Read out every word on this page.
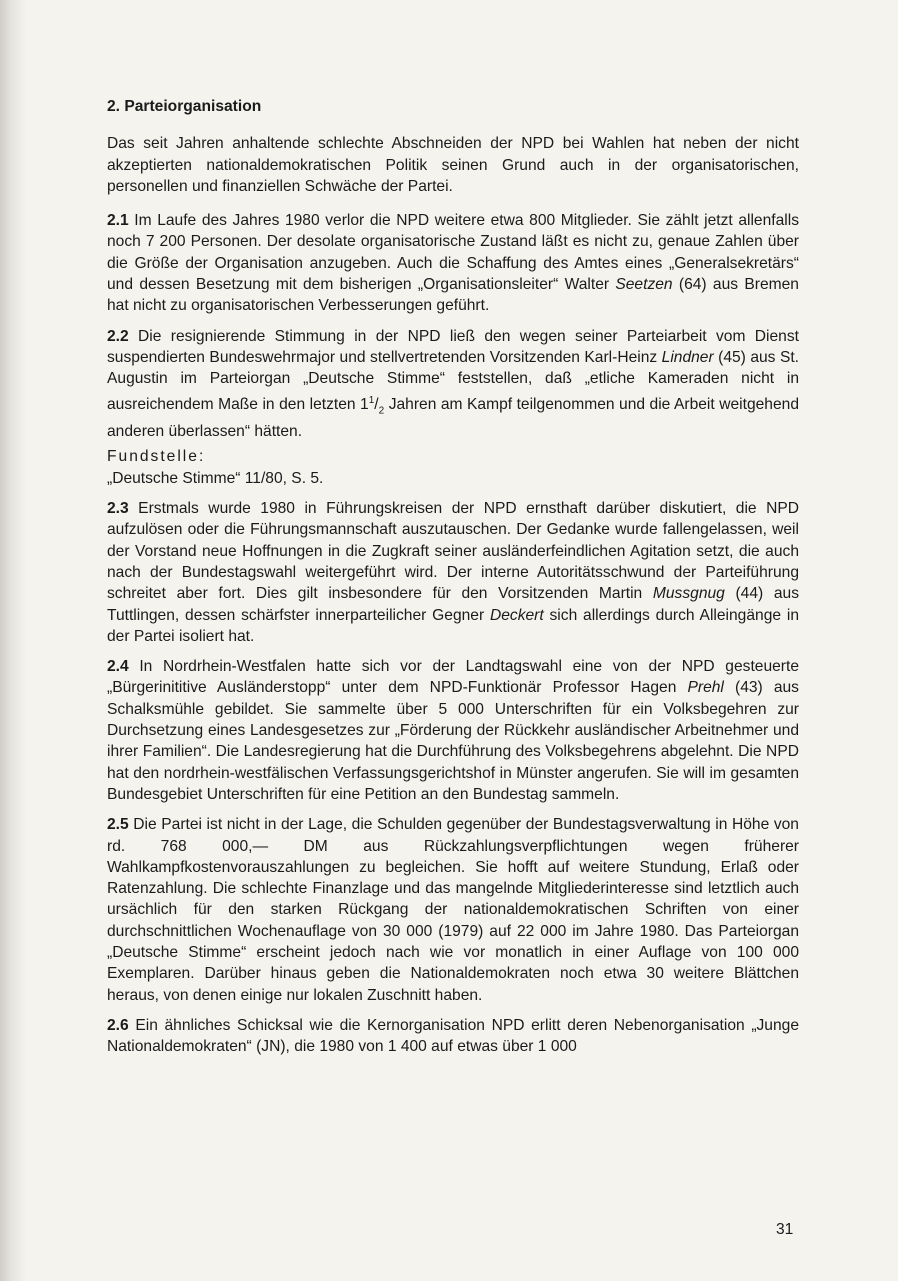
2. Parteiorganisation

Das seit Jahren anhaltende schlechte Abschneiden der NPD bei Wahlen hat neben der nicht akzeptierten nationaldemokratischen Politik seinen Grund auch in der organisatorischen, personellen und finanziellen Schwäche der Partei.

2.1 Im Laufe des Jahres 1980 verlor die NPD weitere etwa 800 Mitglieder. Sie zählt jetzt allenfalls noch 7 200 Personen. Der desolate organisatorische Zustand läßt es nicht zu, genaue Zahlen über die Größe der Organisation anzugeben. Auch die Schaffung des Amtes eines „Generalsekretärs“ und dessen Besetzung mit dem bisherigen „Organisationsleiter“ Walter Seetzen (64) aus Bremen hat nicht zu organisatorischen Verbesserungen geführt.

2.2 Die resignierende Stimmung in der NPD ließ den wegen seiner Parteiarbeit vom Dienst suspendierten Bundeswehrmajor und stellvertretenden Vorsitzenden Karl-Heinz Lindner (45) aus St. Augustin im Parteiorgan „Deutsche Stimme“ feststellen, daß „etliche Kameraden nicht in ausreichendem Maße in den letzten $1^1/_2$ Jahren am Kampf teilgenommen und die Arbeit weitgehend anderen überlassen“ hätten.

Fundstelle:

„Deutsche Stimme“ 11/80, S. 5.

2.3 Erstmals wurde 1980 in Führungskreisen der NPD ernsthaft darüber diskutiert, die NPD aufzulösen oder die Führungsmannschaft auszutauschen. Der Gedanke wurde fallengelassen, weil der Vorstand neue Hoffnungen in die Zugkraft seiner ausländerfeindlichen Agitation setzt, die auch nach der Bundestagswahl weitergeführt wird. Der interne Autoritätsschwund der Parteiführung schreitet aber fort. Dies gilt insbesondere für den Vorsitzenden Martin Mussgnug (44) aus Tuttlingen, dessen schärfster innerparteilicher Gegner Deckert sich allerdings durch Alleingänge in der Partei isoliert hat.

2.4 In Nordrhein-Westfalen hatte sich vor der Landtagswahl eine von der NPD gesteuerte „Bürgerinititive Ausländerstopp“ unter dem NPD-Funktionär Professor Hagen Prehl (43) aus Schalksmühle gebildet. Sie sammelte über 5 000 Unterschriften für ein Volksbegehren zur Durchsetzung eines Landesgesetzes zur „Förderung der Rückkehr ausländischer Arbeitnehmer und ihrer Familien“. Die Landesregierung hat die Durchführung des Volksbegehrens abgelehnt. Die NPD hat den nordrhein-westfälischen Verfassungsgerichtshof in Münster angerufen. Sie will im gesamten Bundesgebiet Unterschriften für eine Petition an den Bundestag sammeln.

2.5 Die Partei ist nicht in der Lage, die Schulden gegenüber der Bundestagsverwaltung in Höhe von rd. 768 000,— DM aus Rückzahlungsverpflichtungen wegen früherer Wahlkampfkostenvorauszahlungen zu begleichen. Sie hofft auf weitere Stundung, Erlaß oder Ratenzahlung. Die schlechte Finanzlage und das mangelnde Mitgliederinteresse sind letztlich auch ursächlich für den starken Rückgang der nationaldemokratischen Schriften von einer durchschnittlichen Wochenauflage von 30 000 (1979) auf 22 000 im Jahre 1980. Das Parteiorgan „Deutsche Stimme“ erscheint jedoch nach wie vor monatlich in einer Auflage von 100 000 Exemplaren. Darüber hinaus geben die Nationaldemokraten noch etwa 30 weitere Blättchen heraus, von denen einige nur lokalen Zuschnitt haben.

2.6 Ein ähnliches Schicksal wie die Kernorganisation NPD erlitt deren Nebenorganisation „Junge Nationaldemokraten“ (JN), die 1980 von 1 400 auf etwas über 1 000

31
